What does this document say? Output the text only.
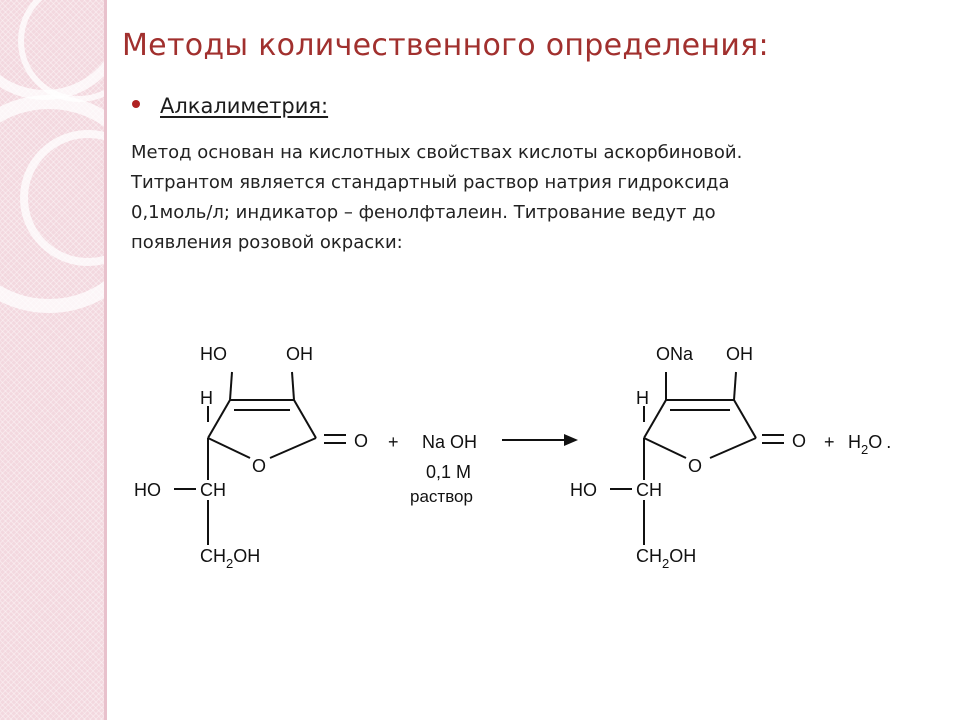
Методы количественного определения:
Алкалиметрия:
Метод основан на кислотных свойствах кислоты аскорбиновой.
Титрантом является стандартный раствор натрия гидроксида
0,1моль/л; индикатор – фенолфталеин. Титрование ведут до
появления розовой окраски:
HO	OH
H
O
O
HO CH
$CH_2OH$
+ Na OH
0,1 M
раствор
ONa OH
H
O
O
HO CH
$CH_2OH$
+ $H_2O$ .
